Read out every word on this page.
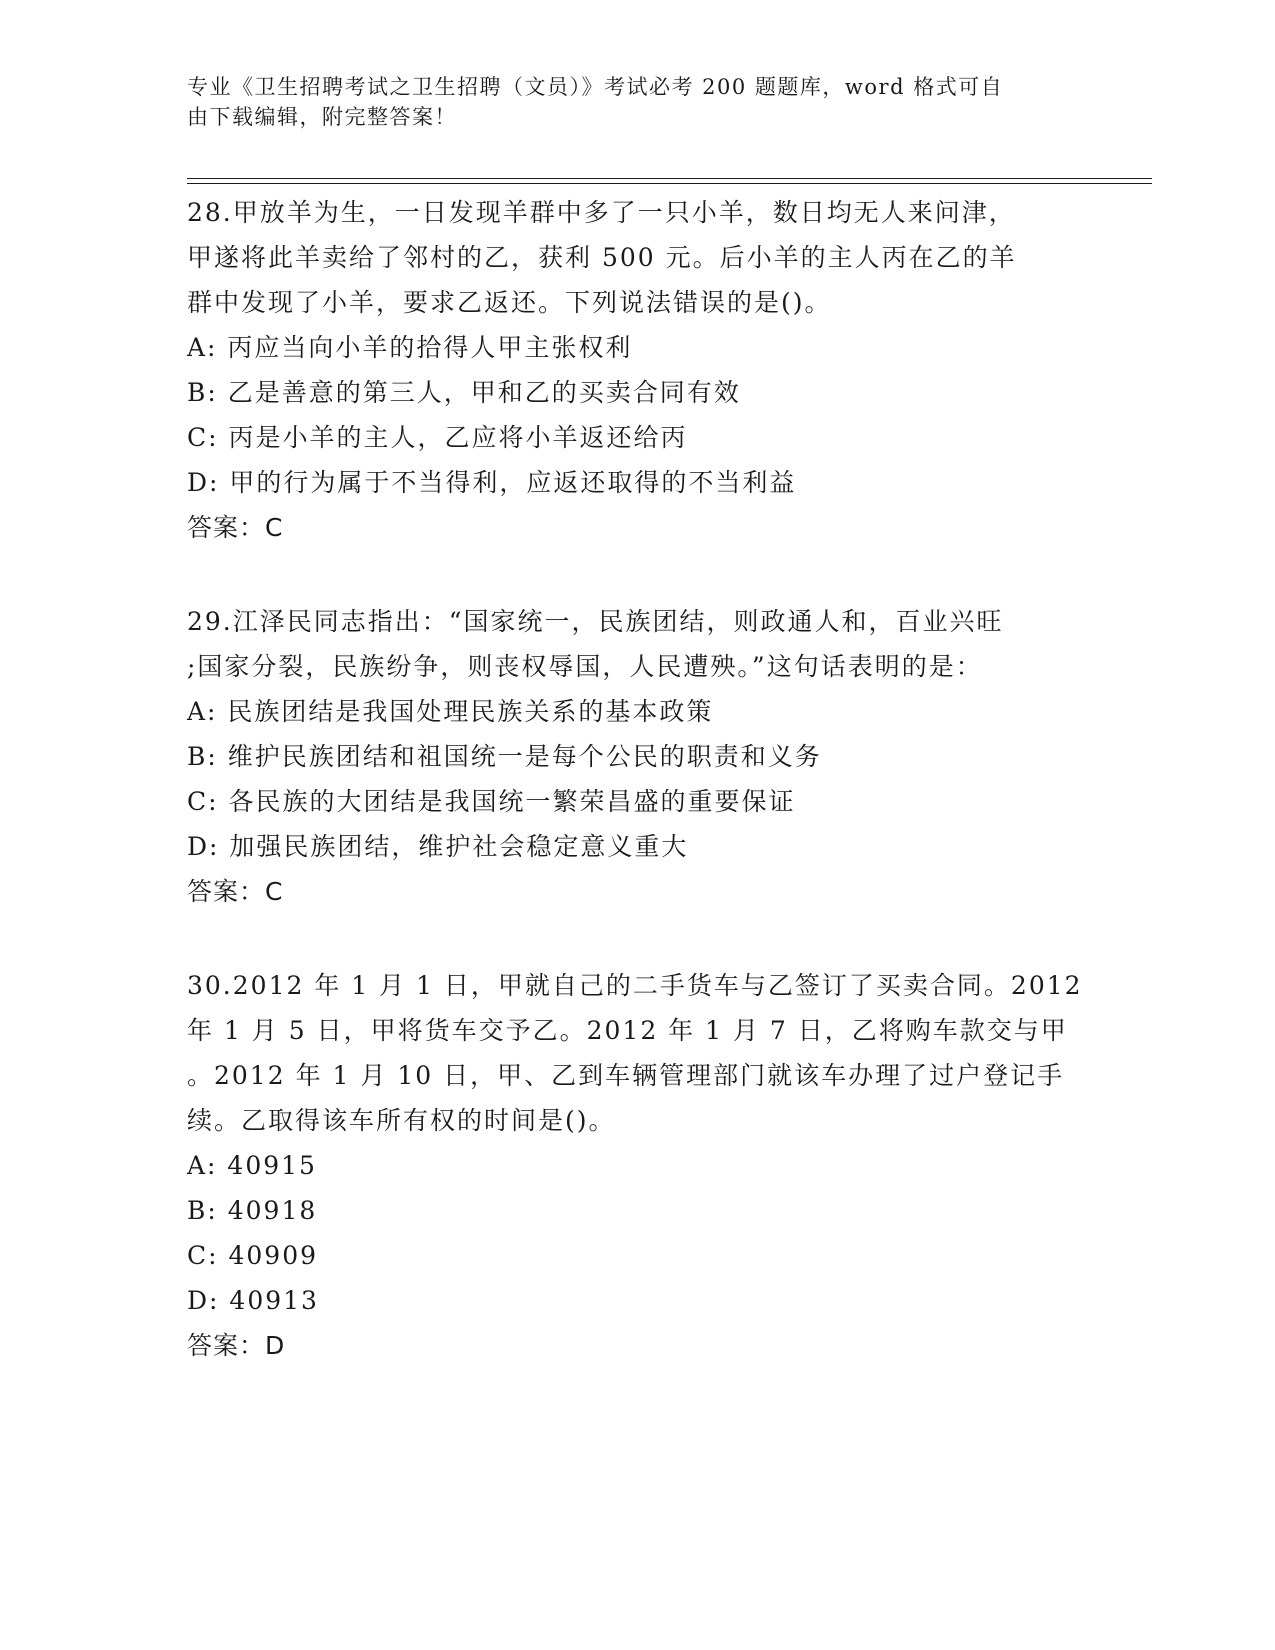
专业《卫生招聘考试之卫生招聘（文员）》考试必考 200 题题库，word 格式可自
由下载编辑，附完整答案！
28.甲放羊为生，一日发现羊群中多了一只小羊，数日均无人来问津，
甲遂将此羊卖给了邻村的乙，获利 500 元。后小羊的主人丙在乙的羊
群中发现了小羊，要求乙返还。下列说法错误的是()。
A: 丙应当向小羊的拾得人甲主张权利
B: 乙是善意的第三人，甲和乙的买卖合同有效
C: 丙是小羊的主人，乙应将小羊返还给丙
D: 甲的行为属于不当得利，应返还取得的不当利益
答案：C
29.江泽民同志指出：“国家统一，民族团结，则政通人和，百业兴旺
;国家分裂，民族纷争，则丧权辱国，人民遭殃。”这句话表明的是：
A: 民族团结是我国处理民族关系的基本政策
B: 维护民族团结和祖国统一是每个公民的职责和义务
C: 各民族的大团结是我国统一繁荣昌盛的重要保证
D: 加强民族团结，维护社会稳定意义重大
答案：C
30.2012 年 1 月 1 日，甲就自己的二手货车与乙签订了买卖合同。2012
年 1 月 5 日，甲将货车交予乙。2012 年 1 月 7 日，乙将购车款交与甲
。2012 年 1 月 10 日，甲、乙到车辆管理部门就该车办理了过户登记手
续。乙取得该车所有权的时间是()。
A: 40915
B: 40918
C: 40909
D: 40913
答案：D
